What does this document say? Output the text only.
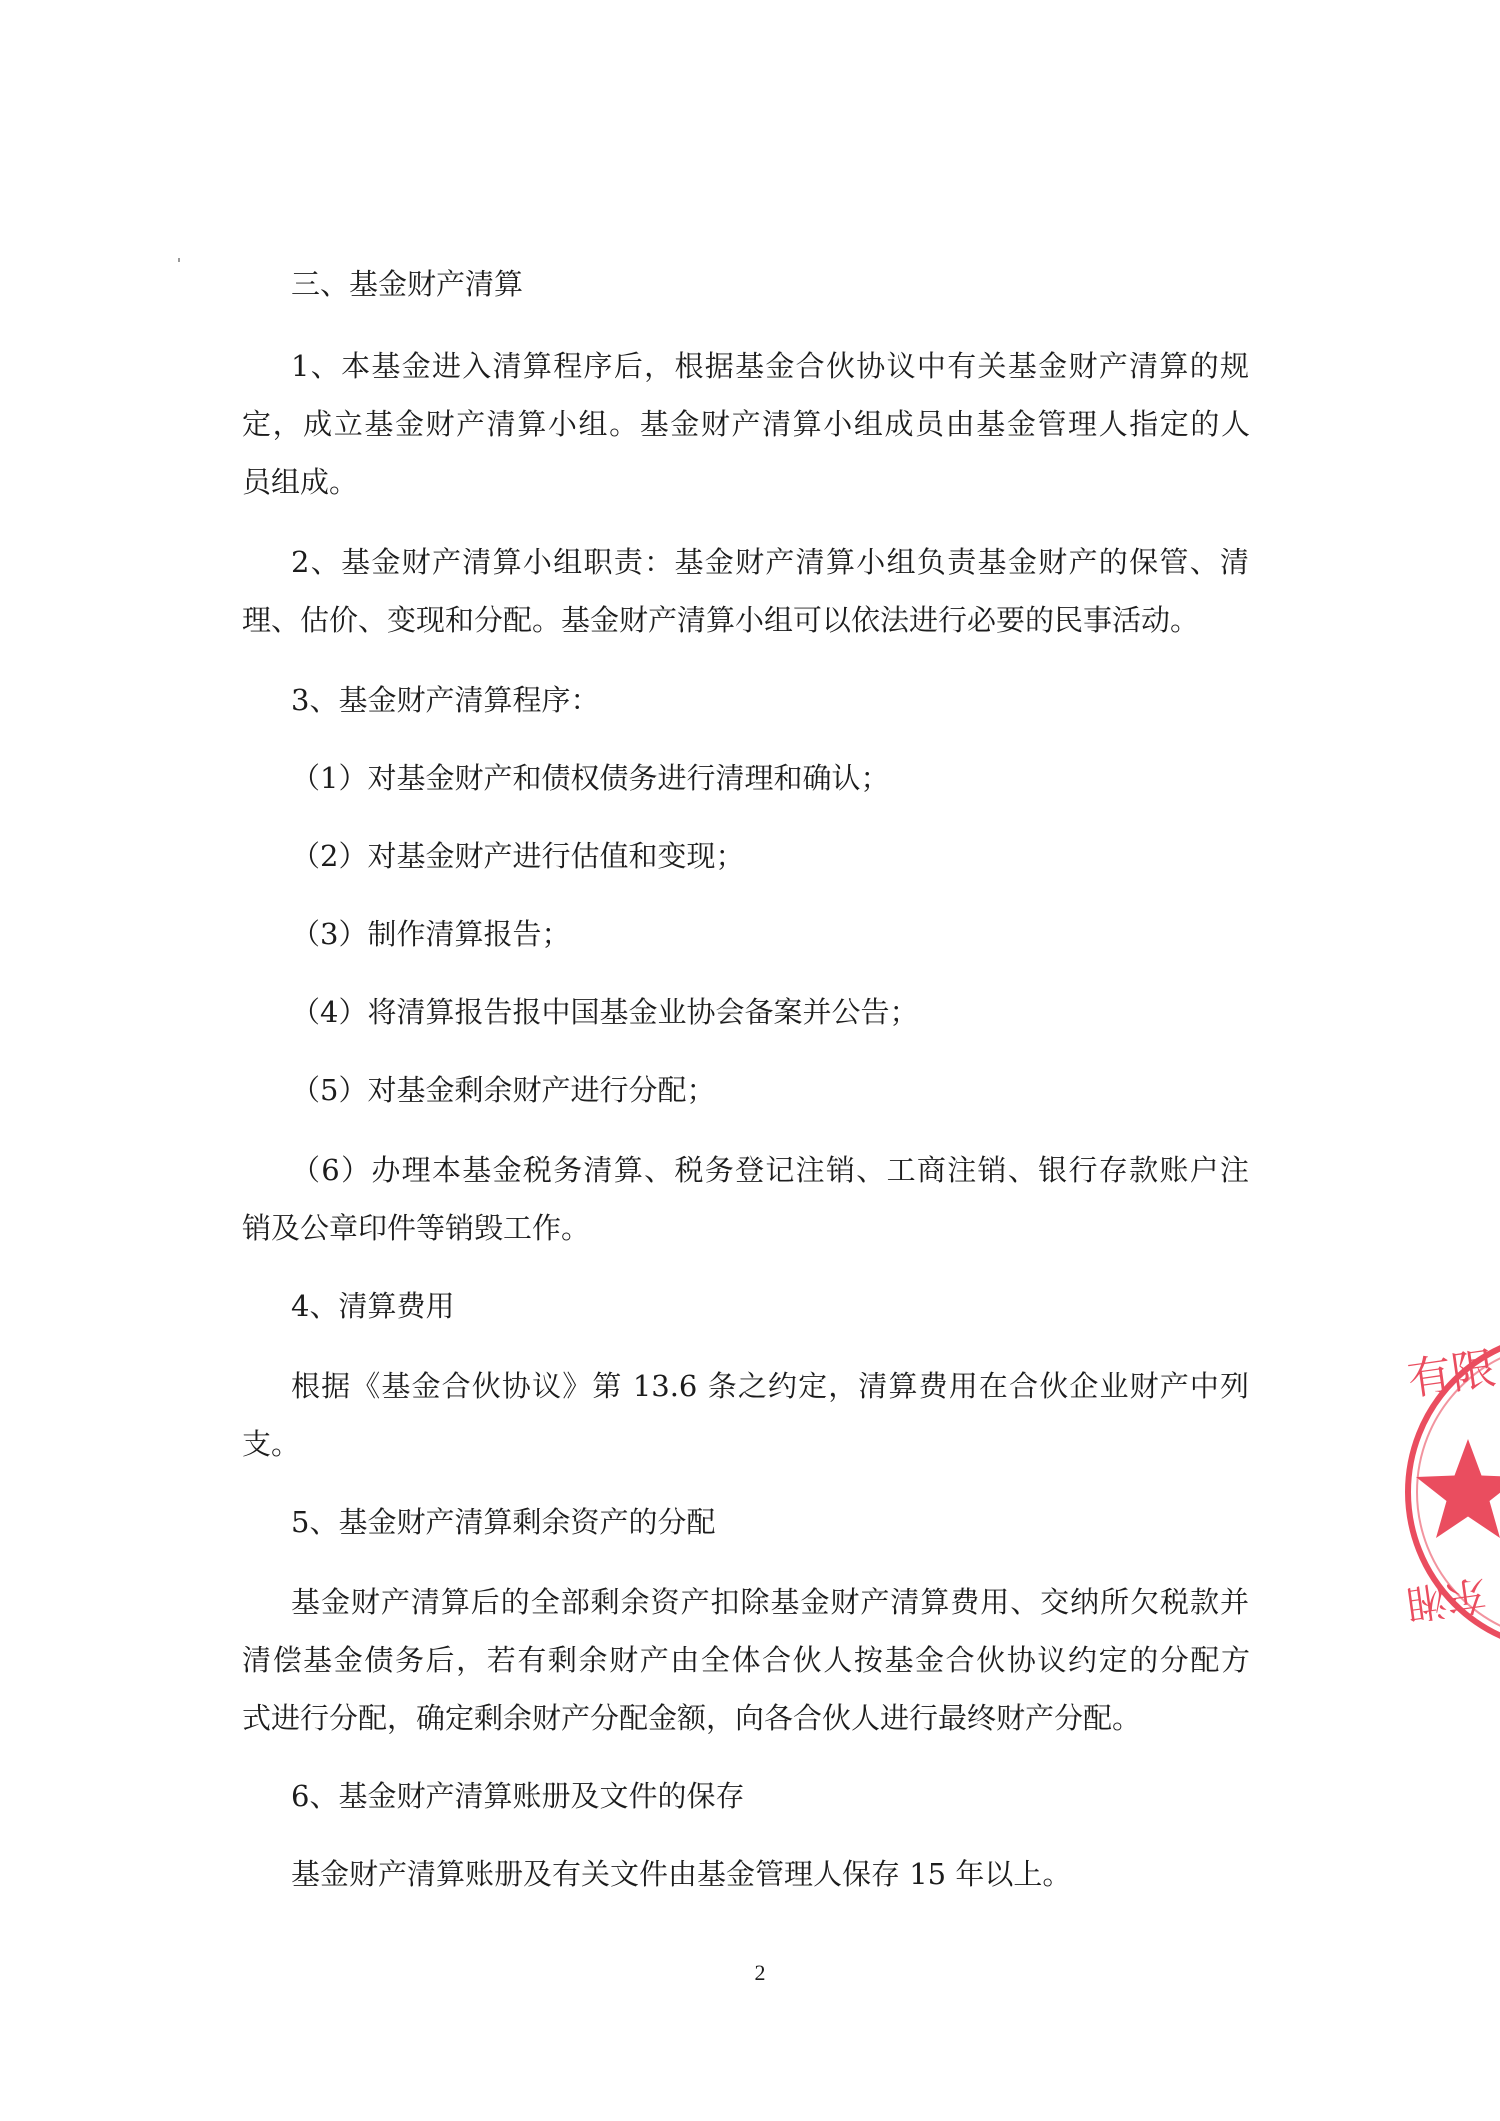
三、基金财产清算
1、本基金进入清算程序后，根据基金合伙协议中有关基金财产清算的规
定，成立基金财产清算小组。基金财产清算小组成员由基金管理人指定的人
员组成。
2、基金财产清算小组职责：基金财产清算小组负责基金财产的保管、清
理、估价、变现和分配。基金财产清算小组可以依法进行必要的民事活动。
3、基金财产清算程序：
（1）对基金财产和债权债务进行清理和确认；
（2）对基金财产进行估值和变现；
（3）制作清算报告；
（4）将清算报告报中国基金业协会备案并公告；
（5）对基金剩余财产进行分配；
（6）办理本基金税务清算、税务登记注销、工商注销、银行存款账户注
销及公章印件等销毁工作。
4、清算费用
根据《基金合伙协议》第 13.6 条之约定，清算费用在合伙企业财产中列
支。
5、基金财产清算剩余资产的分配
基金财产清算后的全部剩余资产扣除基金财产清算费用、交纳所欠税款并
清偿基金债务后，若有剩余财产由全体合伙人按基金合伙协议约定的分配方
式进行分配，确定剩余财产分配金额，向各合伙人进行最终财产分配。
6、基金财产清算账册及文件的保存
基金财产清算账册及有关文件由基金管理人保存 15 年以上。
2
有限
东湘
